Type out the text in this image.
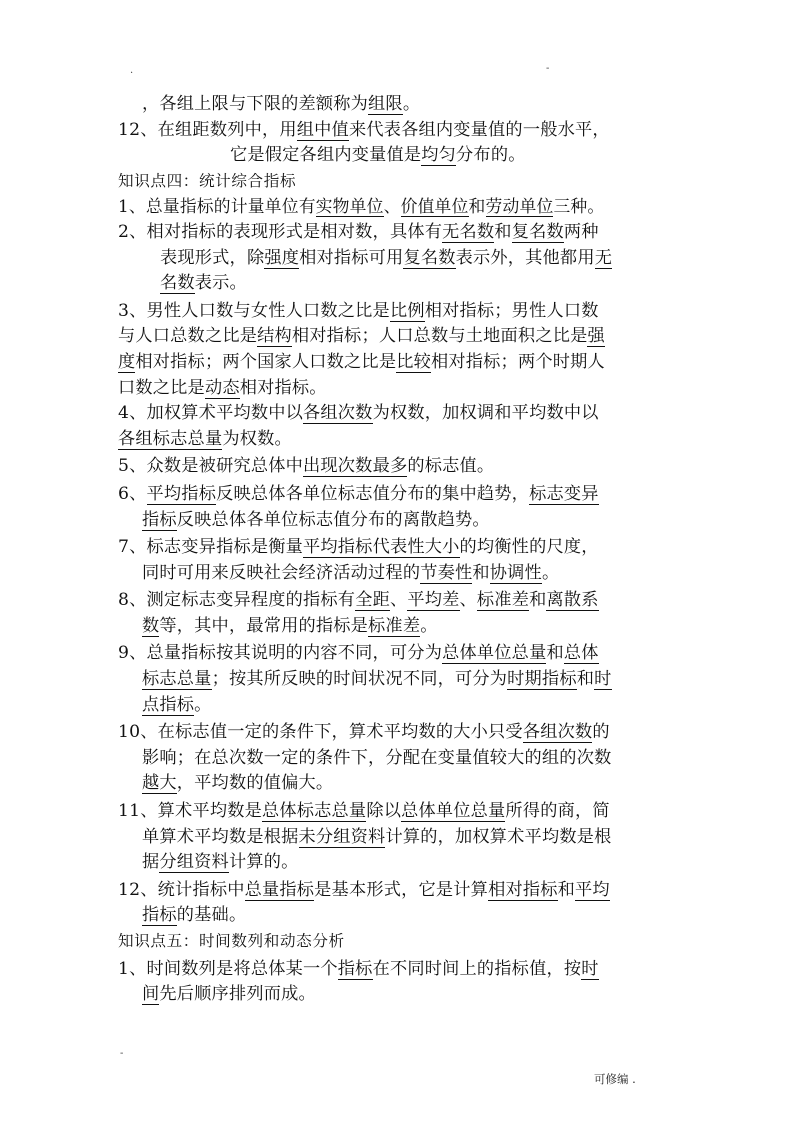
.	-
，各组上限与下限的差额称为组限。
12、在组距数列中，用组中值来代表各组内变量值的一般水平，
它是假定各组内变量值是均匀分布的。
知识点四：统计综合指标
1、总量指标的计量单位有实物单位、价值单位和劳动单位三种。
2、相对指标的表现形式是相对数，具体有无名数和复名数两种
表现形式，除强度相对指标可用复名数表示外，其他都用无
名数表示。
3、男性人口数与女性人口数之比是比例相对指标；男性人口数
与人口总数之比是结构相对指标；人口总数与土地面积之比是强
度相对指标；两个国家人口数之比是比较相对指标；两个时期人
口数之比是动态相对指标。
4、加权算术平均数中以各组次数为权数，加权调和平均数中以
各组标志总量为权数。
5、众数是被研究总体中出现次数最多的标志值。
6、平均指标反映总体各单位标志值分布的集中趋势，标志变异
指标反映总体各单位标志值分布的离散趋势。
7、标志变异指标是衡量平均指标代表性大小的均衡性的尺度，
同时可用来反映社会经济活动过程的节奏性和协调性。
8、测定标志变异程度的指标有全距、平均差、标准差和离散系
数等，其中，最常用的指标是标准差。
9、总量指标按其说明的内容不同，可分为总体单位总量和总体
标志总量；按其所反映的时间状况不同，可分为时期指标和时
点指标。
10、在标志值一定的条件下，算术平均数的大小只受各组次数的
影响；在总次数一定的条件下，分配在变量值较大的组的次数
越大，平均数的值偏大。
11、算术平均数是总体标志总量除以总体单位总量所得的商，简
单算术平均数是根据未分组资料计算的，加权算术平均数是根
据分组资料计算的。
12、统计指标中总量指标是基本形式，它是计算相对指标和平均
指标的基础。
知识点五：时间数列和动态分析
1、时间数列是将总体某一个指标在不同时间上的指标值，按时
间先后顺序排列而成。
-
可修编 .
